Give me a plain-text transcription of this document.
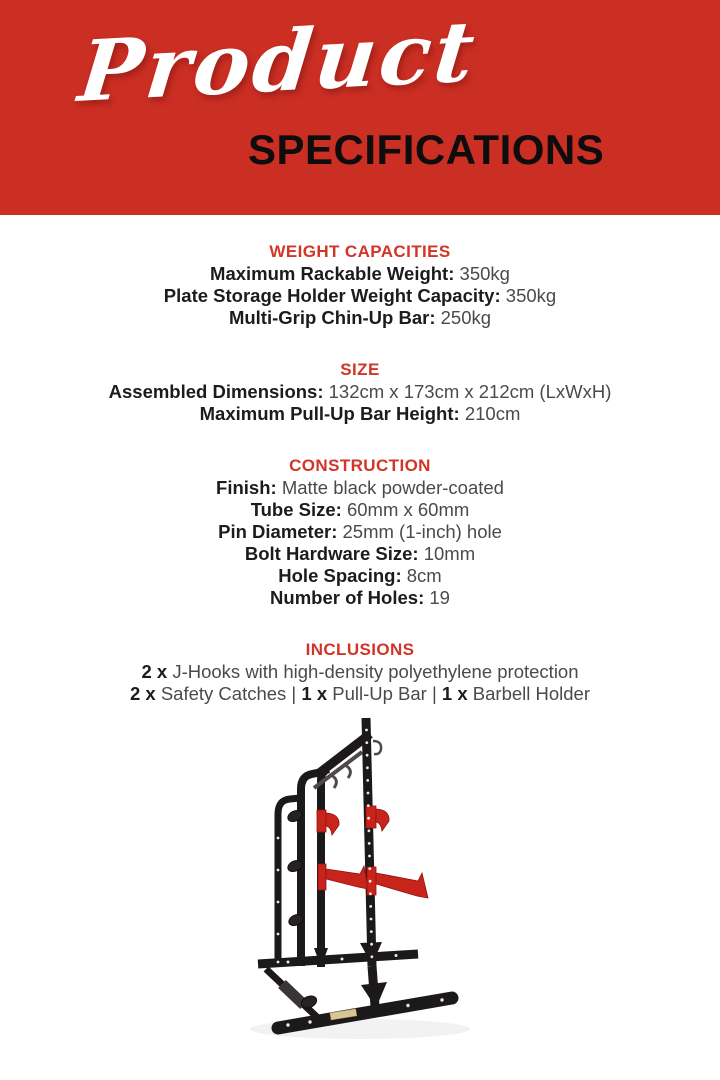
Product
SPECIFICATIONS
WEIGHT CAPACITIES

Maximum Rackable Weight: 350kg

Plate Storage Holder Weight Capacity: 350kg

Multi-Grip Chin-Up Bar: 250kg

SIZE

Assembled Dimensions: 132cm x 173cm x 212cm (LxWxH)

Maximum Pull-Up Bar Height: 210cm

CONSTRUCTION

Finish: Matte black powder-coated

Tube Size: 60mm x 60mm

Pin Diameter: 25mm (1-inch) hole

Bolt Hardware Size: 10mm

Hole Spacing: 8cm

Number of Holes: 19

INCLUSIONS

2 x J-Hooks with high-density polyethylene protection

2 x Safety Catches | 1 x Pull-Up Bar | 1 x Barbell Holder
